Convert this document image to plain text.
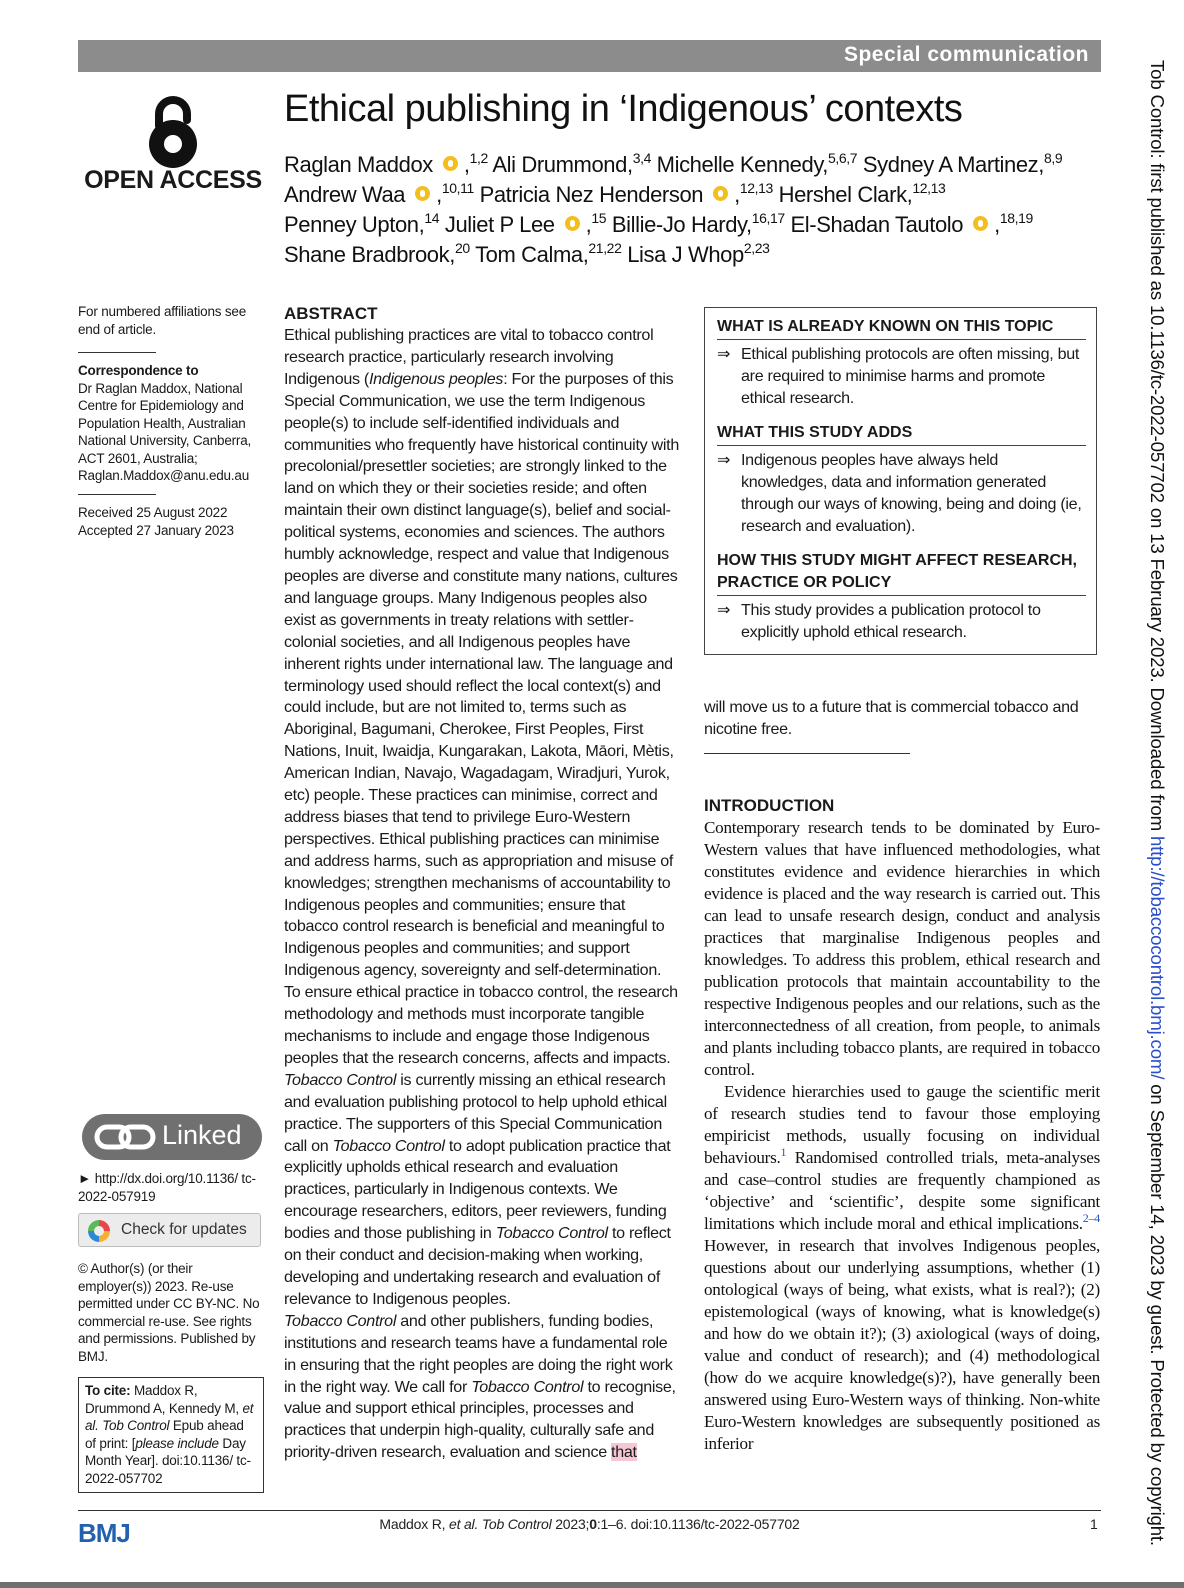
Special communication
OPEN ACCESS
Ethical publishing in ‘Indigenous’ contexts
Raglan Maddox ,$^{1,2}$ Ali Drummond,$^{3,4}$ Michelle Kennedy,$^{5,6,7}$ Sydney A Martinez,$^{8,9}$
Andrew Waa ,$^{10,11}$ Patricia Nez Henderson ,$^{12,13}$ Hershel Clark,$^{12,13}$
Penney Upton,$^{14}$ Juliet P Lee ,$^{15}$ Billie-Jo Hardy,$^{16,17}$ El-Shadan Tautolo ,$^{18,19}$
Shane Bradbrook,$^{20}$ Tom Calma,$^{21,22}$ Lisa J Whop$^{2,23}$
For numbered affiliations see end of article.
Correspondence to
Dr Raglan Maddox, National Centre for Epidemiology and Population Health, Australian National University, Canberra, ACT 2601, Australia; Raglan.Maddox@anu.edu.au
Received 25 August 2022
Accepted 27 January 2023
Linked
► http://dx.doi.org/10.1136/ tc-2022-057919
Check for updates
© Author(s) (or their employer(s)) 2023. Re-use permitted under CC BY-NC. No commercial re-use. See rights and permissions. Published by BMJ.
To cite: Maddox R, Drummond A, Kennedy M, et al. Tob Control Epub ahead of print: [please include Day Month Year]. doi:10.1136/ tc-2022-057702
ABSTRACT

Ethical publishing practices are vital to tobacco control research practice, particularly research involving Indigenous (Indigenous peoples: For the purposes of this Special Communication, we use the term Indigenous people(s) to include self-identified individuals and communities who frequently have historical continuity with precolonial/presettler societies; are strongly linked to the land on which they or their societies reside; and often maintain their own distinct language(s), belief and social-political systems, economies and sciences. The authors humbly acknowledge, respect and value that Indigenous peoples are diverse and constitute many nations, cultures and language groups. Many Indigenous peoples also exist as governments in treaty relations with settler-colonial societies, and all Indigenous peoples have inherent rights under international law. The language and terminology used should reflect the local context(s) and could include, but are not limited to, terms such as Aboriginal, Bagumani, Cherokee, First Peoples, First Nations, Inuit, Iwaidja, Kungarakan, Lakota, Māori, Mètis, American Indian, Navajo, Wagadagam, Wiradjuri, Yurok, etc) people. These practices can minimise, correct and address biases that tend to privilege Euro-Western perspectives. Ethical publishing practices can minimise and address harms, such as appropriation and misuse of knowledges; strengthen mechanisms of accountability to Indigenous peoples and communities; ensure that tobacco control research is beneficial and meaningful to Indigenous peoples and communities; and support Indigenous agency, sovereignty and self-determination. To ensure ethical practice in tobacco control, the research methodology and methods must incorporate tangible mechanisms to include and engage those Indigenous peoples that the research concerns, affects and impacts.

Tobacco Control is currently missing an ethical research and evaluation publishing protocol to help uphold ethical practice. The supporters of this Special Communication call on Tobacco Control to adopt publication practice that explicitly upholds ethical research and evaluation practices, particularly in Indigenous contexts. We encourage researchers, editors, peer reviewers, funding bodies and those publishing in Tobacco Control to reflect on their conduct and decision-making when working, developing and undertaking research and evaluation of relevance to Indigenous peoples.

Tobacco Control and other publishers, funding bodies, institutions and research teams have a fundamental role in ensuring that the right peoples are doing the right work in the right way. We call for Tobacco Control to recognise, value and support ethical principles, processes and practices that underpin high-quality, culturally safe and priority-driven research, evaluation and science that

WHAT IS ALREADY KNOWN ON THIS TOPIC
⇒ Ethical publishing protocols are often missing, but are required to minimise harms and promote ethical research.
WHAT THIS STUDY ADDS
⇒ Indigenous peoples have always held knowledges, data and information generated through our ways of knowing, being and doing (ie, research and evaluation).
HOW THIS STUDY MIGHT AFFECT RESEARCH, PRACTICE OR POLICY
⇒ This study provides a publication protocol to explicitly uphold ethical research.
will move us to a future that is commercial tobacco and nicotine free.
INTRODUCTION

Contemporary research tends to be dominated by Euro-Western values that have influenced methodologies, what constitutes evidence and evidence hierarchies in which evidence is placed and the way research is carried out. This can lead to unsafe research design, conduct and analysis practices that marginalise Indigenous peoples and knowledges. To address this problem, ethical research and publication protocols that maintain accountability to the respective Indigenous peoples and our relations, such as the interconnectedness of all creation, from people, to animals and plants including tobacco plants, are required in tobacco control.

Evidence hierarchies used to gauge the scientific merit of research studies tend to favour those employing empiricist methods, usually focusing on individual behaviours.$^1$ Randomised controlled trials, meta-analyses and case–control studies are frequently championed as ‘objective’ and ‘scientific’, despite some significant limitations which include moral and ethical implications.$^{2-4}$ However, in research that involves Indigenous peoples, questions about our underlying assumptions, whether (1) ontological (ways of being, what exists, what is real?); (2) epistemological (ways of knowing, what is knowledge(s) and how do we obtain it?); (3) axiological (ways of doing, value and conduct of research); and (4) methodological (how do we acquire knowledge(s)?), have generally been answered using Euro-Western ways of thinking. Non-white Euro-Western knowledges are subsequently positioned as inferior

BMJ	Maddox R, et al. Tob Control 2023;0:1–6. doi:10.1136/tc-2022-057702	1
Tob Control: first published as 10.1136/tc-2022-057702 on 13 February 2023. Downloaded from http://tobaccocontrol.bmj.com/ on September 14, 2023 by guest. Protected by copyright.
